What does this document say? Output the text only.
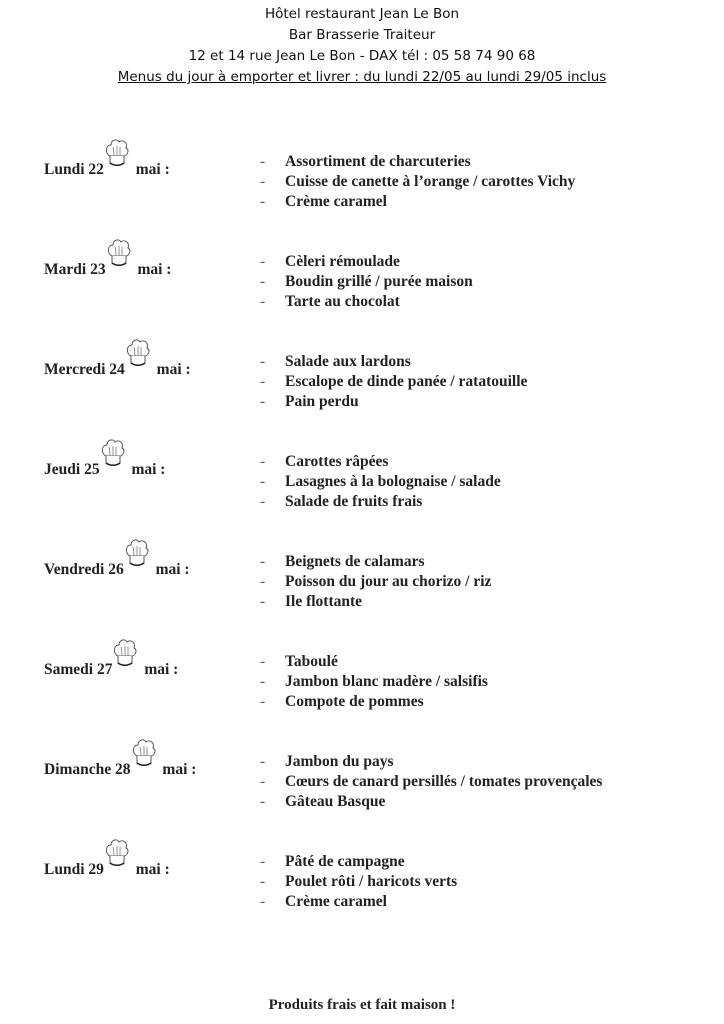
Hôtel restaurant Jean Le Bon
Bar Brasserie Traiteur
12 et 14 rue Jean Le Bon - DAX tél : 05 58 74 90 68
Menus du jour à emporter et livrer : du lundi 22/05 au lundi 29/05 inclus
Lundi 22 mai :	- Assortiment de charcuteries
- Cuisse de canette à l’orange / carottes Vichy
- Crème caramel
Mardi 23 mai :	- Cèleri rémoulade
- Boudin grillé / purée maison
- Tarte au chocolat
Mercredi 24 mai :	- Salade aux lardons
- Escalope de dinde panée / ratatouille
- Pain perdu
Jeudi 25 mai :	- Carottes râpées
- Lasagnes à la bolognaise / salade
- Salade de fruits frais
Vendredi 26 mai :	- Beignets de calamars
- Poisson du jour au chorizo / riz
- Ile flottante
Samedi 27 mai :	- Taboulé
- Jambon blanc madère / salsifis
- Compote de pommes
Dimanche 28 mai :	- Jambon du pays
- Cœurs de canard persillés / tomates provençales
- Gâteau Basque
Lundi 29 mai :	- Pâté de campagne
- Poulet rôti / haricots verts
- Crème caramel
Produits frais et fait maison !
